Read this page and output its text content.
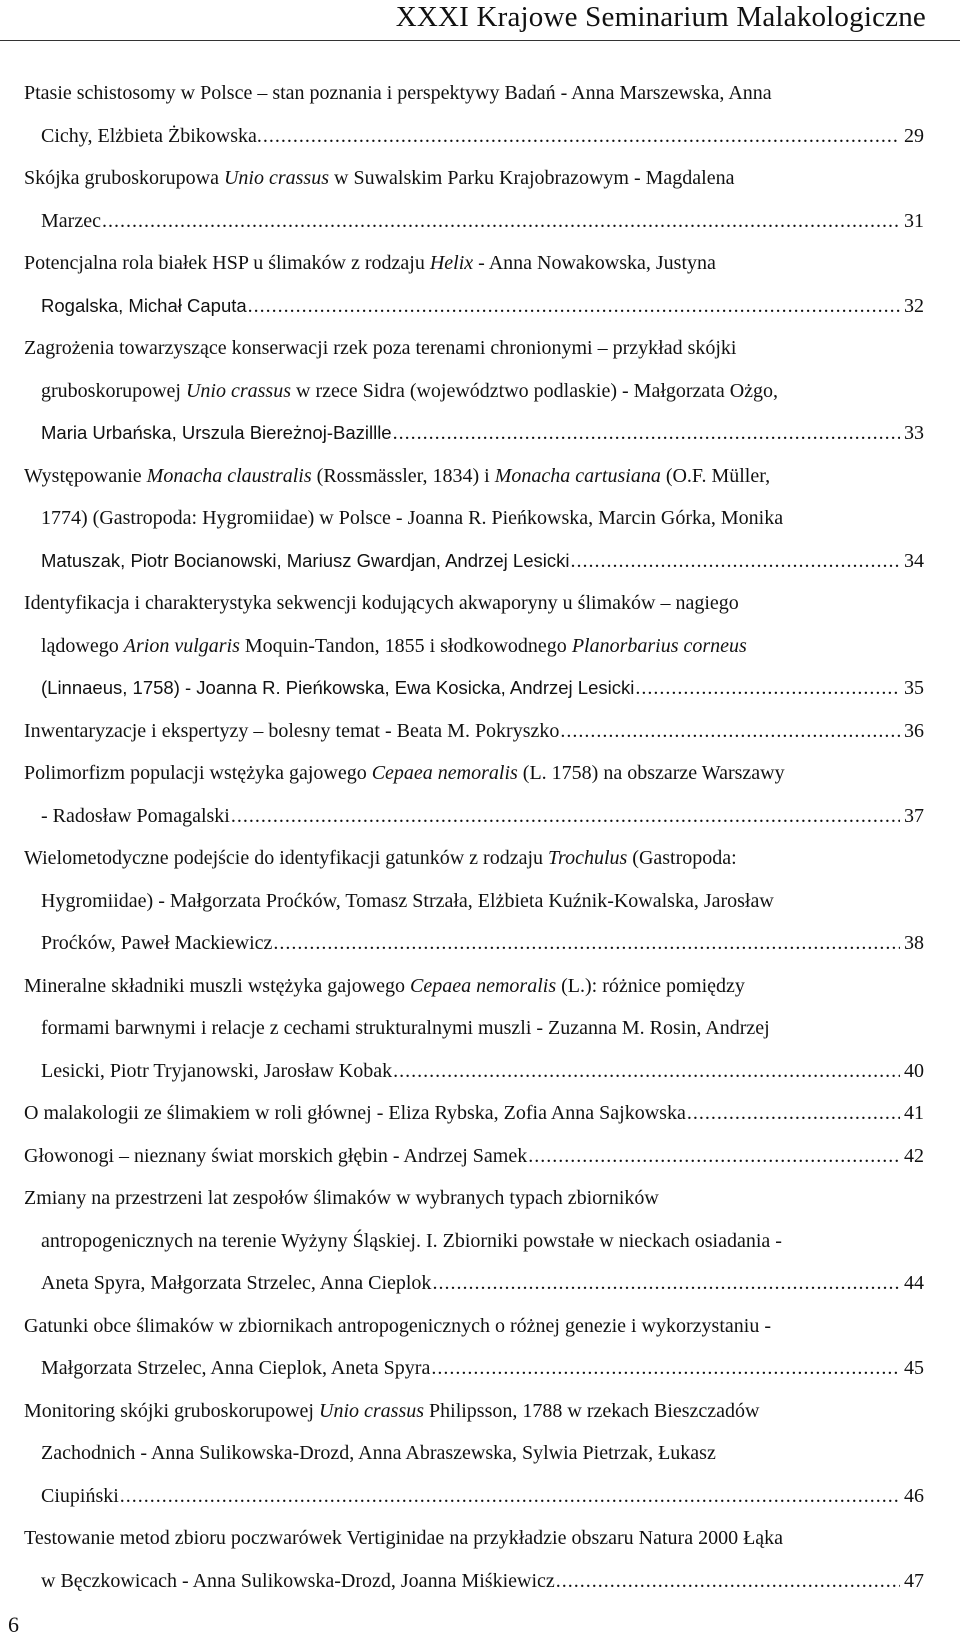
XXXI Krajowe Seminarium Malakologiczne
Ptasie schistosomy w Polsce – stan poznania i perspektywy Badań - Anna Marszewska, Anna
Cichy, Elżbieta Żbikowska. .....	29
Skójka gruboskorupowa Unio crassus w Suwalskim Parku Krajobrazowym - Magdalena
Marzec .....	31
Potencjalna rola białek HSP u ślimaków z rodzaju Helix - Anna Nowakowska, Justyna
Rogalska, Michał Caputa .....	32
Zagrożenia towarzyszące konserwacji rzek poza terenami chronionymi – przykład skójki
gruboskorupowej Unio crassus w rzece Sidra (województwo podlaskie) - Małgorzata Ożgo,
Maria Urbańska, Urszula Biereżnoj-Bazillle .....	33
Występowanie Monacha claustralis (Rossmässler, 1834) i Monacha cartusiana (O.F. Müller,
1774) (Gastropoda: Hygromiidae) w Polsce - Joanna R. Pieńkowska, Marcin Górka, Monika
Matuszak, Piotr Bocianowski, Mariusz Gwardjan, Andrzej Lesicki .....	34
Identyfikacja i charakterystyka sekwencji kodujących akwaporyny u ślimaków – nagiego
lądowego Arion vulgaris Moquin-Tandon, 1855 i słodkowodnego Planorbarius corneus
(Linnaeus, 1758) - Joanna R. Pieńkowska, Ewa Kosicka, Andrzej Lesicki .....	35
Inwentaryzacje i ekspertyzy – bolesny temat - Beata M. Pokryszko .....	36
Polimorfizm populacji wstężyka gajowego Cepaea nemoralis (L. 1758) na obszarze Warszawy
- Radosław Pomagalski .....	37
Wielometodyczne podejście do identyfikacji gatunków z rodzaju Trochulus (Gastropoda:
Hygromiidae) - Małgorzata Proćków, Tomasz Strzała, Elżbieta Kuźnik-Kowalska, Jarosław
Proćków, Paweł Mackiewicz .....	38
Mineralne składniki muszli wstężyka gajowego Cepaea nemoralis (L.): różnice pomiędzy
formami barwnymi i relacje z cechami strukturalnymi muszli - Zuzanna M. Rosin, Andrzej
Lesicki, Piotr Tryjanowski, Jarosław Kobak .....	40
O malakologii ze ślimakiem w roli głównej - Eliza Rybska, Zofia Anna Sajkowska .....	41
Głowonogi – nieznany świat morskich głębin - Andrzej Samek .....	42
Zmiany na przestrzeni lat zespołów ślimaków w wybranych typach zbiorników
antropogenicznych na terenie Wyżyny Śląskiej. I. Zbiorniki powstałe w nieckach osiadania -
Aneta Spyra, Małgorzata Strzelec, Anna Cieplok .....	44
Gatunki obce ślimaków w zbiornikach antropogenicznych o różnej genezie i wykorzystaniu -
Małgorzata Strzelec, Anna Cieplok, Aneta Spyra .....	45
Monitoring skójki gruboskorupowej Unio crassus Philipsson, 1788 w rzekach Bieszczadów
Zachodnich - Anna Sulikowska-Drozd, Anna Abraszewska, Sylwia Pietrzak, Łukasz
Ciupiński .....	46
Testowanie metod zbioru poczwarówek Vertiginidae na przykładzie obszaru Natura 2000 Łąka
w Bęczkowicach - Anna Sulikowska-Drozd, Joanna Miśkiewicz .....	47
6
